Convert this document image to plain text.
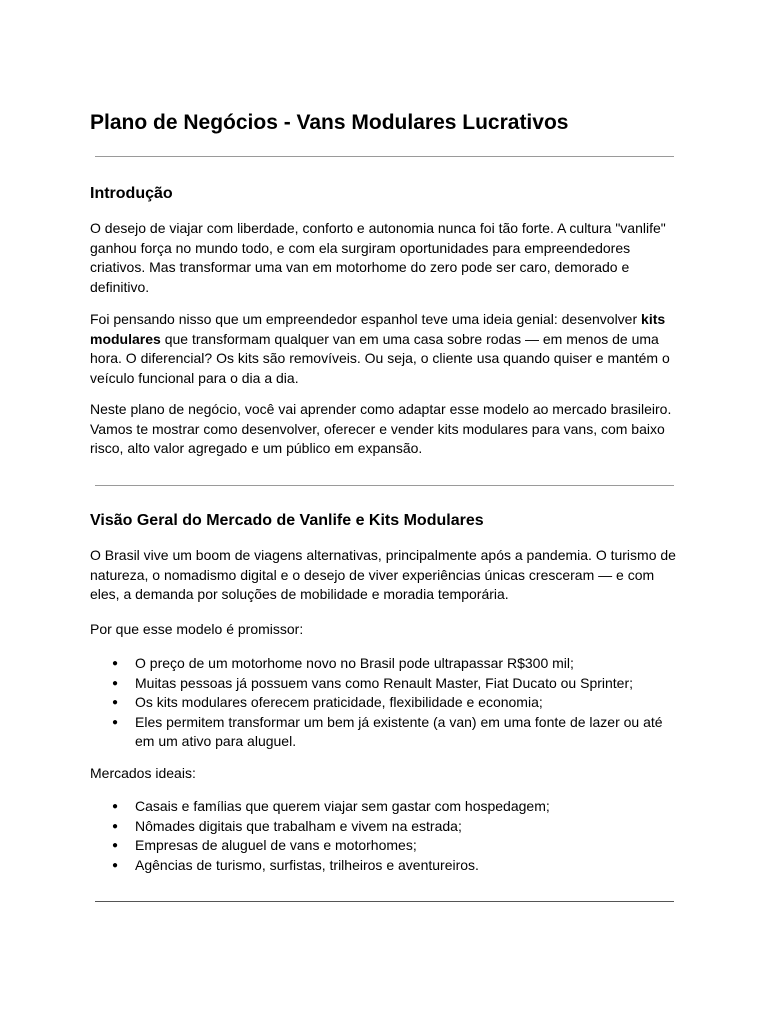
Plano de Negócios - Vans Modulares Lucrativos
Introdução

O desejo de viajar com liberdade, conforto e autonomia nunca foi tão forte. A cultura "vanlife" ganhou força no mundo todo, e com ela surgiram oportunidades para empreendedores criativos. Mas transformar uma van em motorhome do zero pode ser caro, demorado e definitivo.

Foi pensando nisso que um empreendedor espanhol teve uma ideia genial: desenvolver kits modulares que transformam qualquer van em uma casa sobre rodas — em menos de uma hora. O diferencial? Os kits são removíveis. Ou seja, o cliente usa quando quiser e mantém o veículo funcional para o dia a dia.

Neste plano de negócio, você vai aprender como adaptar esse modelo ao mercado brasileiro. Vamos te mostrar como desenvolver, oferecer e vender kits modulares para vans, com baixo risco, alto valor agregado e um público em expansão.

Visão Geral do Mercado de Vanlife e Kits Modulares

O Brasil vive um boom de viagens alternativas, principalmente após a pandemia. O turismo de natureza, o nomadismo digital e o desejo de viver experiências únicas cresceram — e com eles, a demanda por soluções de mobilidade e moradia temporária.

Por que esse modelo é promissor:

● O preço de um motorhome novo no Brasil pode ultrapassar R$300 mil;
● Muitas pessoas já possuem vans como Renault Master, Fiat Ducato ou Sprinter;
● Os kits modulares oferecem praticidade, flexibilidade e economia;
● Eles permitem transformar um bem já existente (a van) em uma fonte de lazer ou até em um ativo para aluguel.

Mercados ideais:

● Casais e famílias que querem viajar sem gastar com hospedagem;
● Nômades digitais que trabalham e vivem na estrada;
● Empresas de aluguel de vans e motorhomes;
● Agências de turismo, surfistas, trilheiros e aventureiros.
